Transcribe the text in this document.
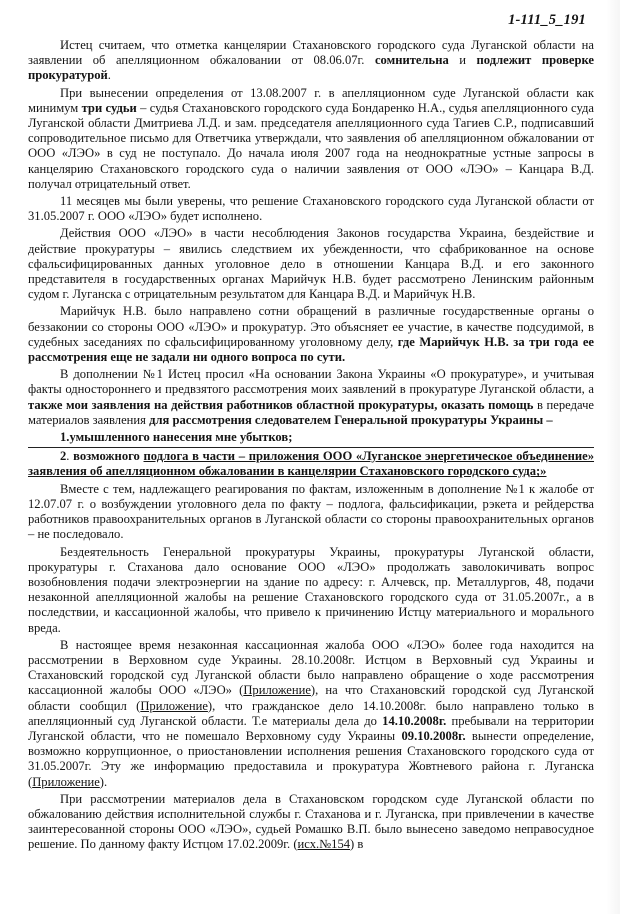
1-111_5_191

Истец считаем, что отметка канцелярии Стахановского городского суда Луганской области на заявлении об апелляционном обжаловании от 08.06.07г. сомнительна и подлежит проверке прокуратурой.

При вынесении определения от 13.08.2007 г. в апелляционном суде Луганской области как минимум три судьи – судья Стахановского городского суда Бондаренко Н.А., судья апелляционного суда Луганской области Дмитриева Л.Д. и зам. председателя апелляционного суда Тагиев С.Р., подписавший сопроводительное письмо для Ответчика утверждали, что заявления об апелляционном обжаловании от ООО «ЛЭО» в суд не поступало. До начала июля 2007 года на неоднократные устные запросы в канцелярию Стахановского городского суда о наличии заявления от ООО «ЛЭО» – Канцара В.Д. получал отрицательный ответ.

11 месяцев мы были уверены, что решение Стахановского городского суда Луганской области от 31.05.2007 г. ООО «ЛЭО» будет исполнено.

Действия ООО «ЛЭО» в части несоблюдения Законов государства Украина, бездействие и действие прокуратуры – явились следствием их убежденности, что сфабрикованное на основе сфальсифицированных данных уголовное дело в отношении Канцара В.Д. и его законного представителя в государственных органах Марийчук Н.В. будет рассмотрено Ленинским районным судом г. Луганска с отрицательным результатом для Канцара В.Д. и Марийчук Н.В.

Марийчук Н.В. было направлено сотни обращений в различные государственные органы о беззаконии со стороны ООО «ЛЭО» и прокуратур. Это объясняет ее участие, в качестве подсудимой, в судебных заседаниях по сфальсифицированному уголовному делу, где Марийчук Н.В. за три года ее рассмотрения еще не задали ни одного вопроса по сути.

В дополнении №1 Истец просил «На основании Закона Украины «О прокуратуре», и учитывая факты одностороннего и предвзятого рассмотрения моих заявлений в прокуратуре Луганской области, а также мои заявления на действия работников областной прокуратуры, оказать помощь в передаче материалов заявления для рассмотрения следователем Генеральной прокуратуры Украины –

1.умышленного нанесения мне убытков;

2. возможного подлога в части – приложения ООО «Луганское энергетическое объединение» заявления об апелляционном обжаловании в канцелярии Стахановского городского суда;»

Вместе с тем, надлежащего реагирования по фактам, изложенным в дополнение №1 к жалобе от 12.07.07 г. о возбуждении уголовного дела по факту – подлога, фальсификации, рэкета и рейдерства работников правоохранительных органов в Луганской области со стороны правоохранительных органов – не последовало.

Бездеятельность Генеральной прокуратуры Украины, прокуратуры Луганской области, прокуратуры г. Стаханова дало основание ООО «ЛЭО» продолжать заволокичивать вопрос возобновления подачи электроэнергии на здание по адресу: г. Алчевск, пр. Металлургов, 48, подачи незаконной апелляционной жалобы на решение Стахановского городского суда от 31.05.2007г., а в последствии, и кассационной жалобы, что привело к причинению Истцу материального и морального вреда.

В настоящее время незаконная кассационная жалоба ООО «ЛЭО» более года находится на рассмотрении в Верховном суде Украины. 28.10.2008г. Истцом в Верховный суд Украины и Стахановский городской суд Луганской области было направлено обращение о ходе рассмотрения кассационной жалобы ООО «ЛЭО» (Приложение), на что Стахановский городской суд Луганской области сообщил (Приложение), что гражданское дело 14.10.2008г. было направлено только в апелляционный суд Луганской области. Т.е материалы дела до 14.10.2008г. пребывали на территории Луганской области, что не помешало Верховному суду Украины 09.10.2008г. вынести определение, возможно коррупционное, о приостановлении исполнения решения Стахановского городского суда от 31.05.2007г. Эту же информацию предоставила и прокуратура Жовтневого района г. Луганска (Приложение).

При рассмотрении материалов дела в Стахановском городском суде Луганской области по обжалованию действия исполнительной службы г. Стаханова и г. Луганска, при привлечении в качестве заинтересованной стороны ООО «ЛЭО», судьей Ромашко В.П. было вынесено заведомо неправосудное решение. По данному факту Истцом 17.02.2009г. (исх.№154) в
